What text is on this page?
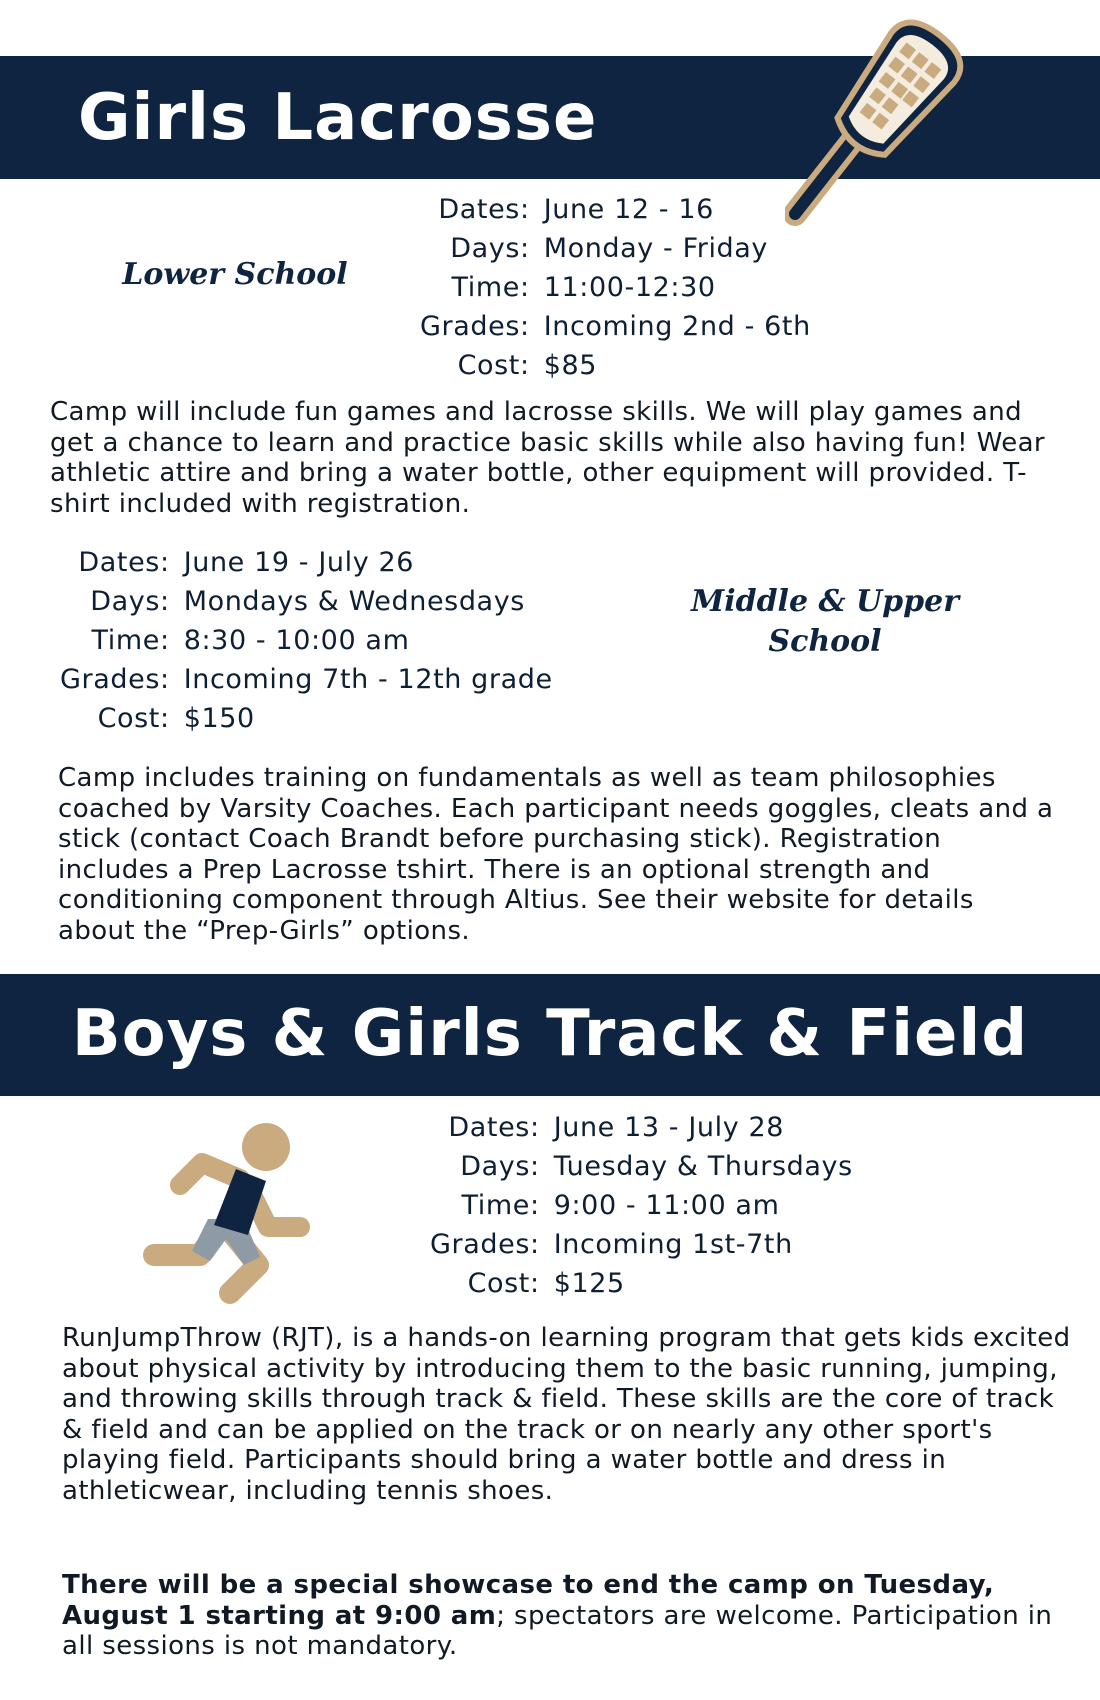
Girls Lacrosse
Lower School
Dates:	June 12 - 16
Days:	Monday - Friday
Time:	11:00-12:30
Grades:	Incoming 2nd - 6th
Cost:	$85

Camp will include fun games and lacrosse skills. We will play games and get a chance to learn and practice basic skills while also having fun! Wear athletic attire and bring a water bottle, other equipment will provided. T-shirt included with registration.

Dates:	June 19 - July 26
Days:	Mondays & Wednesdays
Time:	8:30 - 10:00 am
Grades:	Incoming 7th - 12th grade
Cost:	$150
Middle & Upper
School

Camp includes training on fundamentals as well as team philosophies coached by Varsity Coaches. Each participant needs goggles, cleats and a stick (contact Coach Brandt before purchasing stick). Registration includes a Prep Lacrosse tshirt. There is an optional strength and conditioning component through Altius. See their website for details about the “Prep-Girls” options.

Boys & Girls Track & Field
Dates:	June 13 - July 28
Days:	Tuesday & Thursdays
Time:	9:00 - 11:00 am
Grades:	Incoming 1st-7th
Cost:	$125

RunJumpThrow (RJT), is a hands-on learning program that gets kids excited about physical activity by introducing them to the basic running, jumping, and throwing skills through track & field. These skills are the core of track & field and can be applied on the track or on nearly any other sport's playing field. Participants should bring a water bottle and dress in athleticwear, including tennis shoes.

There will be a special showcase to end the camp on Tuesday, August 1 starting at 9:00 am; spectators are welcome. Participation in all sessions is not mandatory.
